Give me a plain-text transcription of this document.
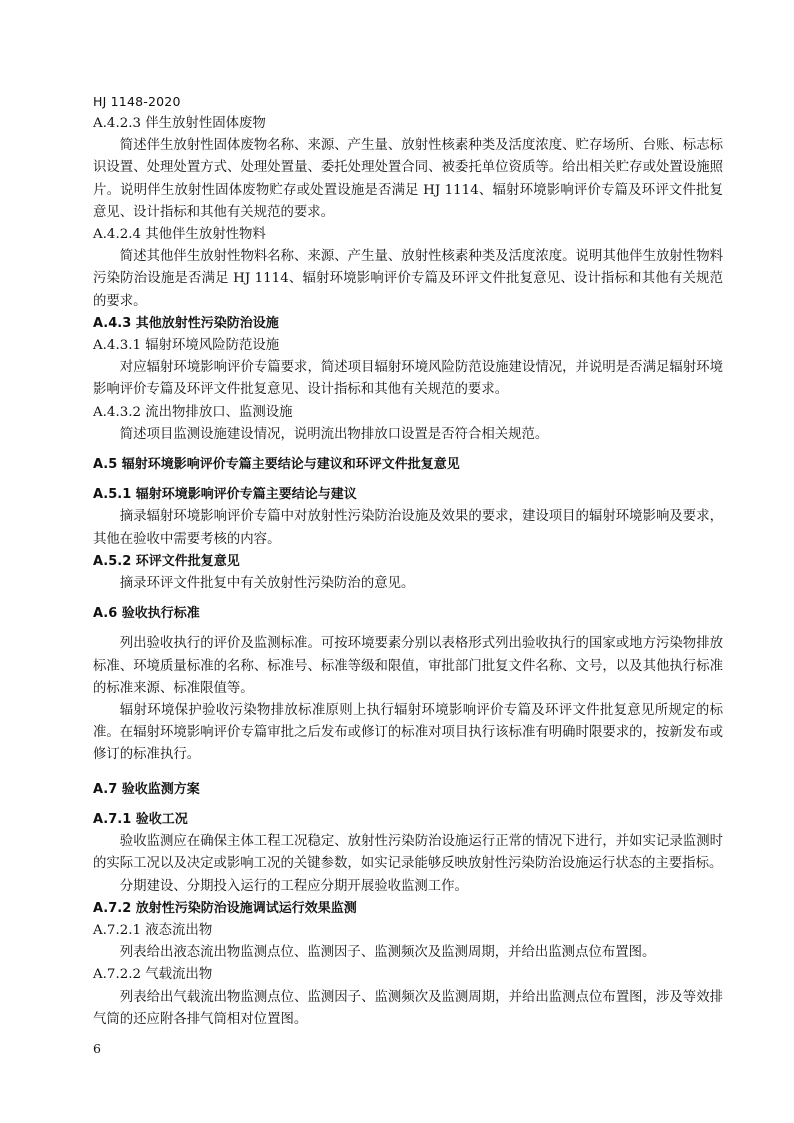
HJ 1148-2020
A.4.2.3 伴生放射性固体废物

简述伴生放射性固体废物名称、来源、产生量、放射性核素种类及活度浓度、贮存场所、台账、标志标识设置、处理处置方式、处理处置量、委托处理处置合同、被委托单位资质等。给出相关贮存或处置设施照片。说明伴生放射性固体废物贮存或处置设施是否满足 HJ 1114、辐射环境影响评价专篇及环评文件批复意见、设计指标和其他有关规范的要求。

A.4.2.4 其他伴生放射性物料

简述其他伴生放射性物料名称、来源、产生量、放射性核素种类及活度浓度。说明其他伴生放射性物料污染防治设施是否满足 HJ 1114、辐射环境影响评价专篇及环评文件批复意见、设计指标和其他有关规范的要求。

A.4.3 其他放射性污染防治设施
A.4.3.1 辐射环境风险防范设施

对应辐射环境影响评价专篇要求，简述项目辐射环境风险防范设施建设情况，并说明是否满足辐射环境影响评价专篇及环评文件批复意见、设计指标和其他有关规范的要求。

A.4.3.2 流出物排放口、监测设施

简述项目监测设施建设情况，说明流出物排放口设置是否符合相关规范。

A.5 辐射环境影响评价专篇主要结论与建议和环评文件批复意见
A.5.1 辐射环境影响评价专篇主要结论与建议

摘录辐射环境影响评价专篇中对放射性污染防治设施及效果的要求，建设项目的辐射环境影响及要求，其他在验收中需要考核的内容。

A.5.2 环评文件批复意见

摘录环评文件批复中有关放射性污染防治的意见。

A.6 验收执行标准

列出验收执行的评价及监测标准。可按环境要素分别以表格形式列出验收执行的国家或地方污染物排放标准、环境质量标准的名称、标准号、标准等级和限值，审批部门批复文件名称、文号，以及其他执行标准的标准来源、标准限值等。

辐射环境保护验收污染物排放标准原则上执行辐射环境影响评价专篇及环评文件批复意见所规定的标准。在辐射环境影响评价专篇审批之后发布或修订的标准对项目执行该标准有明确时限要求的，按新发布或修订的标准执行。

A.7 验收监测方案
A.7.1 验收工况

验收监测应在确保主体工程工况稳定、放射性污染防治设施运行正常的情况下进行，并如实记录监测时的实际工况以及决定或影响工况的关键参数，如实记录能够反映放射性污染防治设施运行状态的主要指标。

分期建设、分期投入运行的工程应分期开展验收监测工作。

A.7.2 放射性污染防治设施调试运行效果监测
A.7.2.1 液态流出物

列表给出液态流出物监测点位、监测因子、监测频次及监测周期，并给出监测点位布置图。

A.7.2.2 气载流出物

列表给出气载流出物监测点位、监测因子、监测频次及监测周期，并给出监测点位布置图，涉及等效排气筒的还应附各排气筒相对位置图。

6
